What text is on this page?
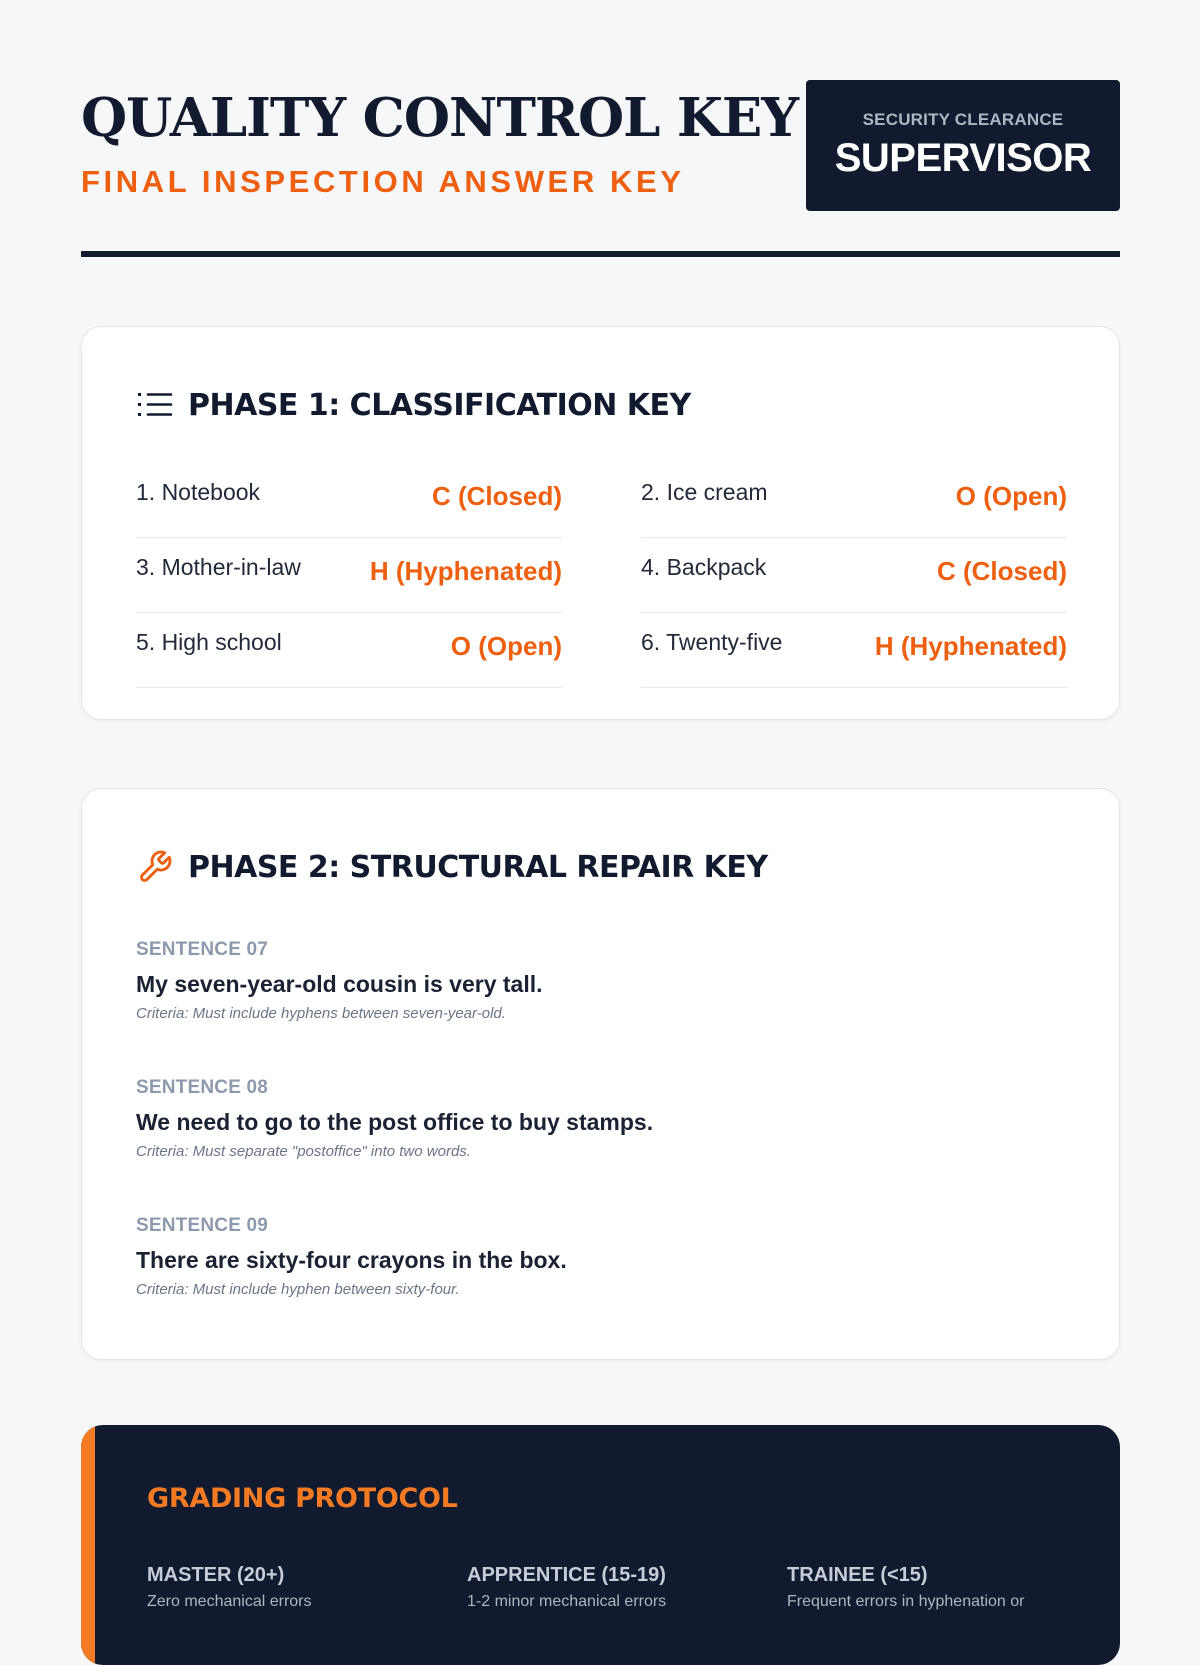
QUALITY CONTROL KEY
FINAL INSPECTION ANSWER KEY
SECURITY CLEARANCE
SUPERVISOR
PHASE 1: CLASSIFICATION KEY
1. Notebook	C (Closed)	2. Ice cream	O (Open)
3. Mother-in-law	H (Hyphenated)	4. Backpack	C (Closed)
5. High school	O (Open)	6. Twenty-five	H (Hyphenated)
PHASE 2: STRUCTURAL REPAIR KEY
SENTENCE 07
My seven-year-old cousin is very tall.
Criteria: Must include hyphens between seven-year-old.
SENTENCE 08
We need to go to the post office to buy stamps.
Criteria: Must separate "postoffice" into two words.
SENTENCE 09
There are sixty-four crayons in the box.
Criteria: Must include hyphen between sixty-four.
GRADING PROTOCOL
MASTER (20+)
Zero mechanical errors
APPRENTICE (15-19)
1-2 minor mechanical errors
TRAINEE (<15)
Frequent errors in hyphenation or
